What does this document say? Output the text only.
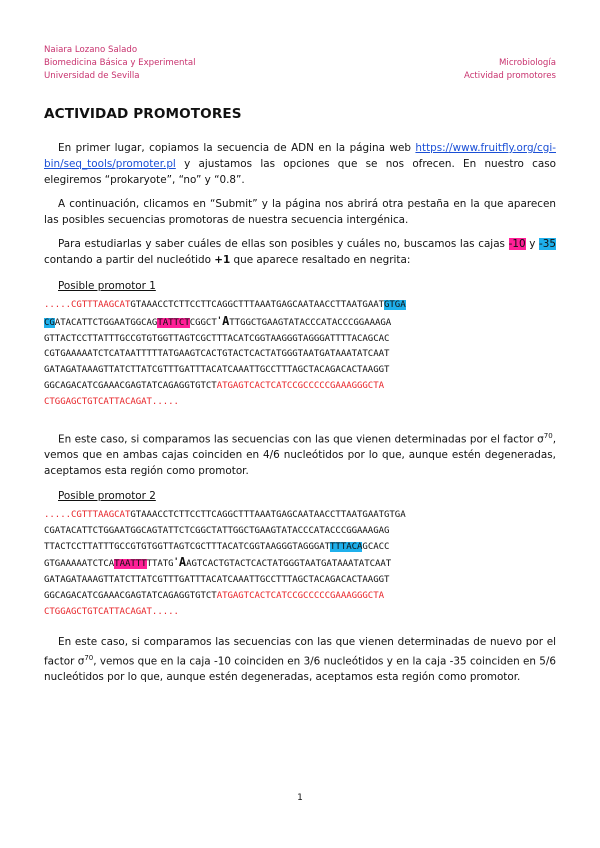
Naiara Lozano Salado
Biomedicina Básica y Experimental
Universidad de Sevilla
Microbiología
Actividad promotores
ACTIVIDAD PROMOTORES
En primer lugar, copiamos la secuencia de ADN en la página web https://www.fruitfly.org/cgi-bin/seq_tools/promoter.pl y ajustamos las opciones que se nos ofrecen. En nuestro caso elegiremos “prokaryote”, “no” y “0.8”.
A continuación, clicamos en “Submit” y la página nos abrirá otra pestaña en la que aparecen las posibles secuencias promotoras de nuestra secuencia intergénica.
Para estudiarlas y saber cuáles de ellas son posibles y cuáles no, buscamos las cajas -10 y -35 contando a partir del nucleótido +1 que aparece resaltado en negrita:
Posible promotor 1
.....CGTTTAAGCATGTAAACCTCTTCCTTCAGGCTTTAAATGAGCAATAACCTTAATGAATGTGA
CGATACATTCTGGAATGGCAGTATTCTCGGCT'ATTGGCTGAAGTATACCCATACCCGGAAAGA
GTTACTCCTTATTTGCCGTGTGGTTAGTCGCTTTACATCGGTAAGGGTAGGGATTTTACAGCAC
CGTGAAAAATCTCATAATTTTTATGAAGTCACTGTACTCACTATGGGTAATGATAAATATCAAT
GATAGATAAAGTTATCTTATCGTTTGATTTACATCAAATTGCCTTTAGCTACAGACACTAAGGT
GGCAGACATCGAAACGAGTATCAGAGGTGTCTATGAGTCACTCATCCGCCCCCGAAAGGGCTA
CTGGAGCTGTCATTACAGAT.....
En este caso, si comparamos las secuencias con las que vienen determinadas por el factor $\sigma^{70}$, vemos que en ambas cajas coinciden en 4/6 nucleótidos por lo que, aunque estén degeneradas, aceptamos esta región como promotor.
Posible promotor 2
.....CGTTTAAGCATGTAAACCTCTTCCTTCAGGCTTTAAATGAGCAATAACCTTAATGAATGTGA
CGATACATTCTGGAATGGCAGTATTCTCGGCTATTGGCTGAAGTATACCCATACCCGGAAAGAG
TTACTCCTTATTTGCCGTGTGGTTAGTCGCTTTACATCGGTAAGGGTAGGGATTTTACAGCACC
GTGAAAAATCTCATAATTTTTATG'AAGTCACTGTACTCACTATGGGTAATGATAAATATCAAT
GATAGATAAAGTTATCTTATCGTTTGATTTACATCAAATTGCCTTTAGCTACAGACACTAAGGT
GGCAGACATCGAAACGAGTATCAGAGGTGTCTATGAGTCACTCATCCGCCCCCGAAAGGGCTA
CTGGAGCTGTCATTACAGAT.....
En este caso, si comparamos las secuencias con las que vienen determinadas de nuevo por el factor $\sigma^{70}$, vemos que en la caja -10 coinciden en 3/6 nucleótidos y en la caja -35 coinciden en 5/6 nucleótidos por lo que, aunque estén degeneradas, aceptamos esta región como promotor.
1
